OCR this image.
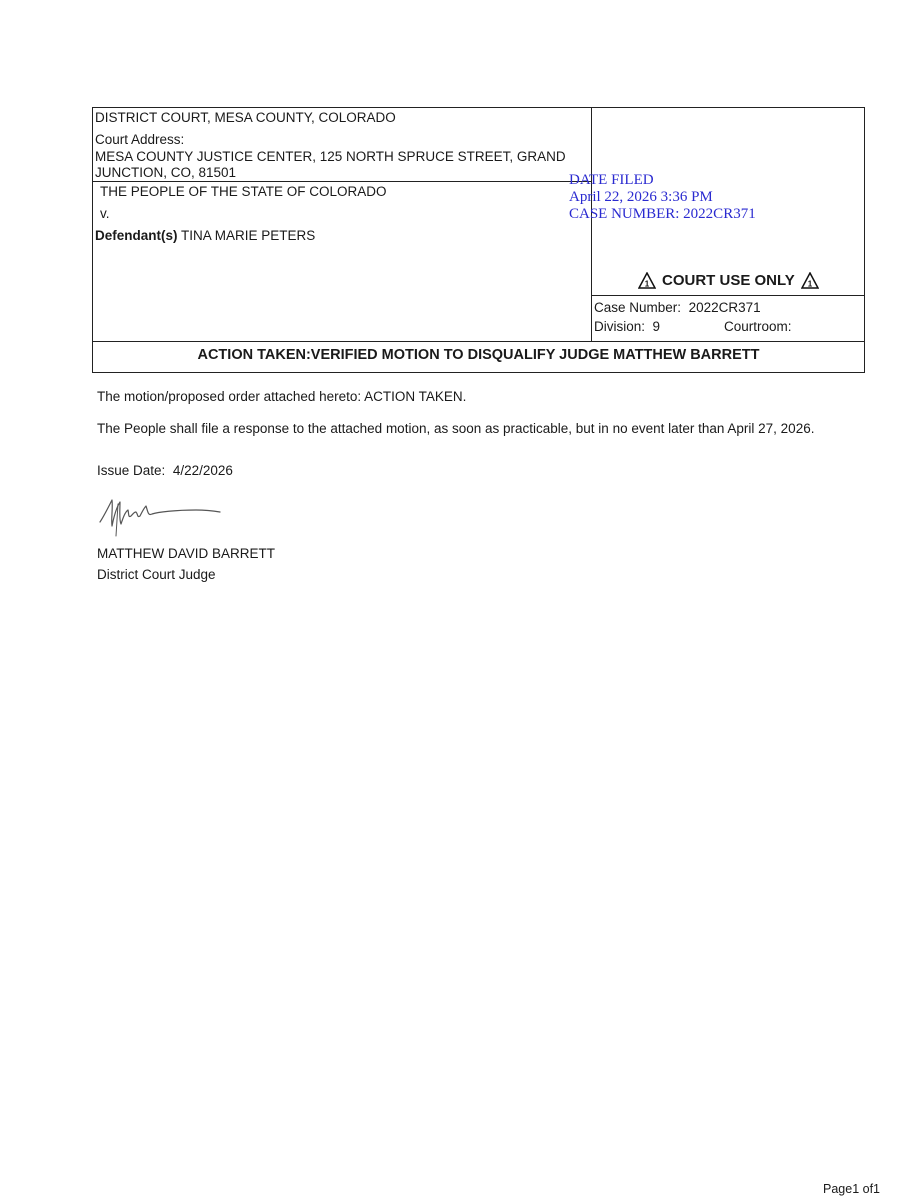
DISTRICT COURT, MESA COUNTY, COLORADO
Court Address:
MESA COUNTY JUSTICE CENTER, 125 NORTH SPRUCE STREET, GRAND
JUNCTION, CO, 81501
THE PEOPLE OF THE STATE OF COLORADO
v.
Defendant(s) TINA MARIE PETERS
DATE FILED
April 22, 2026 3:36 PM
CASE NUMBER: 2022CR371
1 COURT USE ONLY 1
Case Number: 2022CR371
Division: 9	Courtroom:
ACTION TAKEN:VERIFIED MOTION TO DISQUALIFY JUDGE MATTHEW BARRETT
The motion/proposed order attached hereto: ACTION TAKEN.
The People shall file a response to the attached motion, as soon as practicable, but in no event later than April 27, 2026.
Issue Date: 4/22/2026
MATTHEW DAVID BARRETT
District Court Judge
Page1 of1
